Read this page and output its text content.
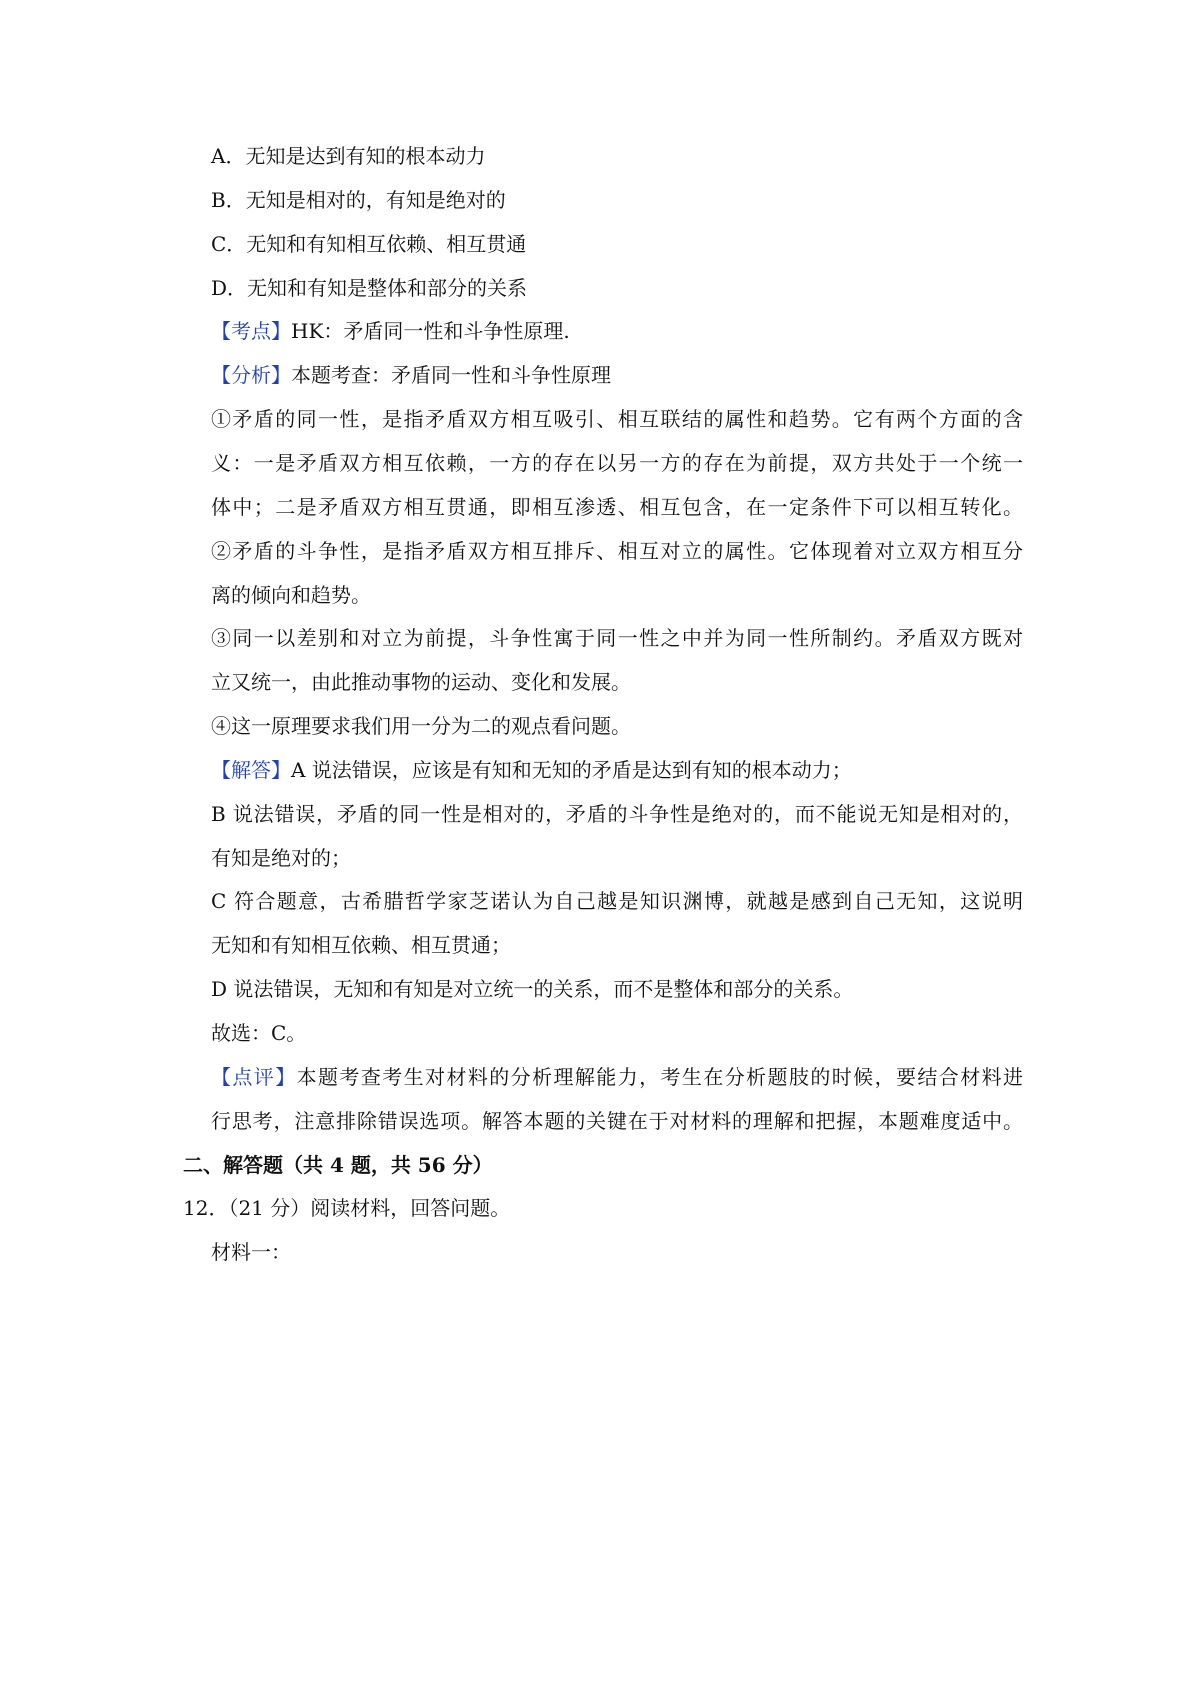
A．无知是达到有知的根本动力
B．无知是相对的，有知是绝对的
C．无知和有知相互依赖、相互贯通
D．无知和有知是整体和部分的关系
【考点】HK：矛盾同一性和斗争性原理.
【分析】本题考查：矛盾同一性和斗争性原理
①矛盾的同一性，是指矛盾双方相互吸引、相互联结的属性和趋势。它有两个方面的含
义：一是矛盾双方相互依赖，一方的存在以另一方的存在为前提，双方共处于一个统一
体中；二是矛盾双方相互贯通，即相互渗透、相互包含，在一定条件下可以相互转化。
②矛盾的斗争性，是指矛盾双方相互排斥、相互对立的属性。它体现着对立双方相互分
离的倾向和趋势。
③同一以差别和对立为前提，斗争性寓于同一性之中并为同一性所制约。矛盾双方既对
立又统一，由此推动事物的运动、变化和发展。
④这一原理要求我们用一分为二的观点看问题。
【解答】A 说法错误，应该是有知和无知的矛盾是达到有知的根本动力；
B 说法错误，矛盾的同一性是相对的，矛盾的斗争性是绝对的，而不能说无知是相对的，
有知是绝对的；
C 符合题意，古希腊哲学家芝诺认为自己越是知识渊博，就越是感到自己无知，这说明
无知和有知相互依赖、相互贯通；
D 说法错误，无知和有知是对立统一的关系，而不是整体和部分的关系。
故选：C。
【点评】本题考查考生对材料的分析理解能力，考生在分析题肢的时候，要结合材料进
行思考，注意排除错误选项。解答本题的关键在于对材料的理解和把握，本题难度适中。
二、解答题（共 4 题，共 56 分）
12．（21 分）阅读材料，回答问题。
材料一：
